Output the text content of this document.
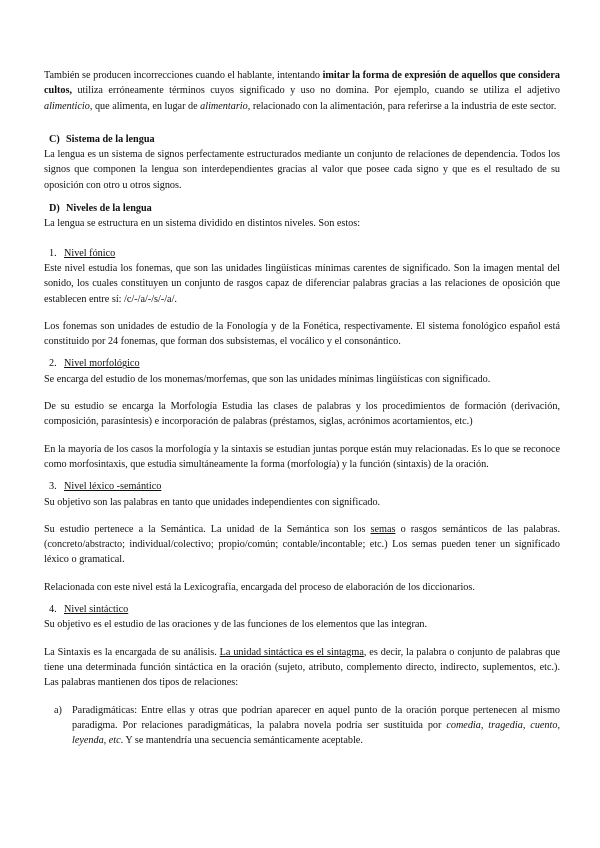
También se producen incorrecciones cuando el hablante, intentando imitar la forma de expresión de aquellos que considera cultos, utiliza erróneamente términos cuyos significado y uso no domina. Por ejemplo, cuando se utiliza el adjetivo alimenticio, que alimenta, en lugar de alimentario, relacionado con la alimentación, para referirse a la industria de este sector.

C) Sistema de la lengua

La lengua es un sistema de signos perfectamente estructurados mediante un conjunto de relaciones de dependencia. Todos los signos que componen la lengua son interdependientes gracias al valor que posee cada signo y que es el resultado de su oposición con otro u otros signos.

D) Niveles de la lengua

La lengua se estructura en un sistema dividido en distintos niveles. Son estos:

1. Nivel fónico

Este nivel estudia los fonemas, que son las unidades lingüísticas mínimas carentes de significado. Son la imagen mental del sonido, los cuales constituyen un conjunto de rasgos capaz de diferenciar palabras gracias a las relaciones de oposición que establecen entre sí: /c/-/a/-/s/-/a/.

Los fonemas son unidades de estudio de la Fonología y de la Fonética, respectivamente. El sistema fonológico español está constituido por 24 fonemas, que forman dos subsistemas, el vocálico y el consonántico.

2. Nivel morfológico

Se encarga del estudio de los monemas/morfemas, que son las unidades mínimas lingüísticas con significado.

De su estudio se encarga la Morfología Estudia las clases de palabras y los procedimientos de formación (derivación, composición, parasíntesis) e incorporación de palabras (préstamos, siglas, acrónimos acortamientos, etc.)

En la mayoría de los casos la morfología y la sintaxis se estudian juntas porque están muy relacionadas. Es lo que se reconoce como morfosintaxis, que estudia simultáneamente la forma (morfología) y la función (sintaxis) de la oración.

3. Nivel léxico -semántico

Su objetivo son las palabras en tanto que unidades independientes con significado.

Su estudio pertenece a la Semántica. La unidad de la Semántica son los semas o rasgos semánticos de las palabras. (concreto/abstracto; individual/colectivo; propio/común; contable/incontable; etc.) Los semas pueden tener un significado léxico o gramatical.

Relacionada con este nivel está la Lexicografía, encargada del proceso de elaboración de los diccionarios.

4. Nivel sintáctico

Su objetivo es el estudio de las oraciones y de las funciones de los elementos que las integran.

La Sintaxis es la encargada de su análisis. La unidad sintáctica es el sintagma, es decir, la palabra o conjunto de palabras que tiene una determinada función sintáctica en la oración (sujeto, atributo, complemento directo, indirecto, suplementos, etc.). Las palabras mantienen dos tipos de relaciones:

a) Paradigmáticas: Entre ellas y otras que podrían aparecer en aquel punto de la oración porque pertenecen al mismo paradigma. Por relaciones paradigmáticas, la palabra novela podría ser sustituida por comedia, tragedia, cuento, leyenda, etc. Y se mantendría una secuencia semánticamente aceptable.
